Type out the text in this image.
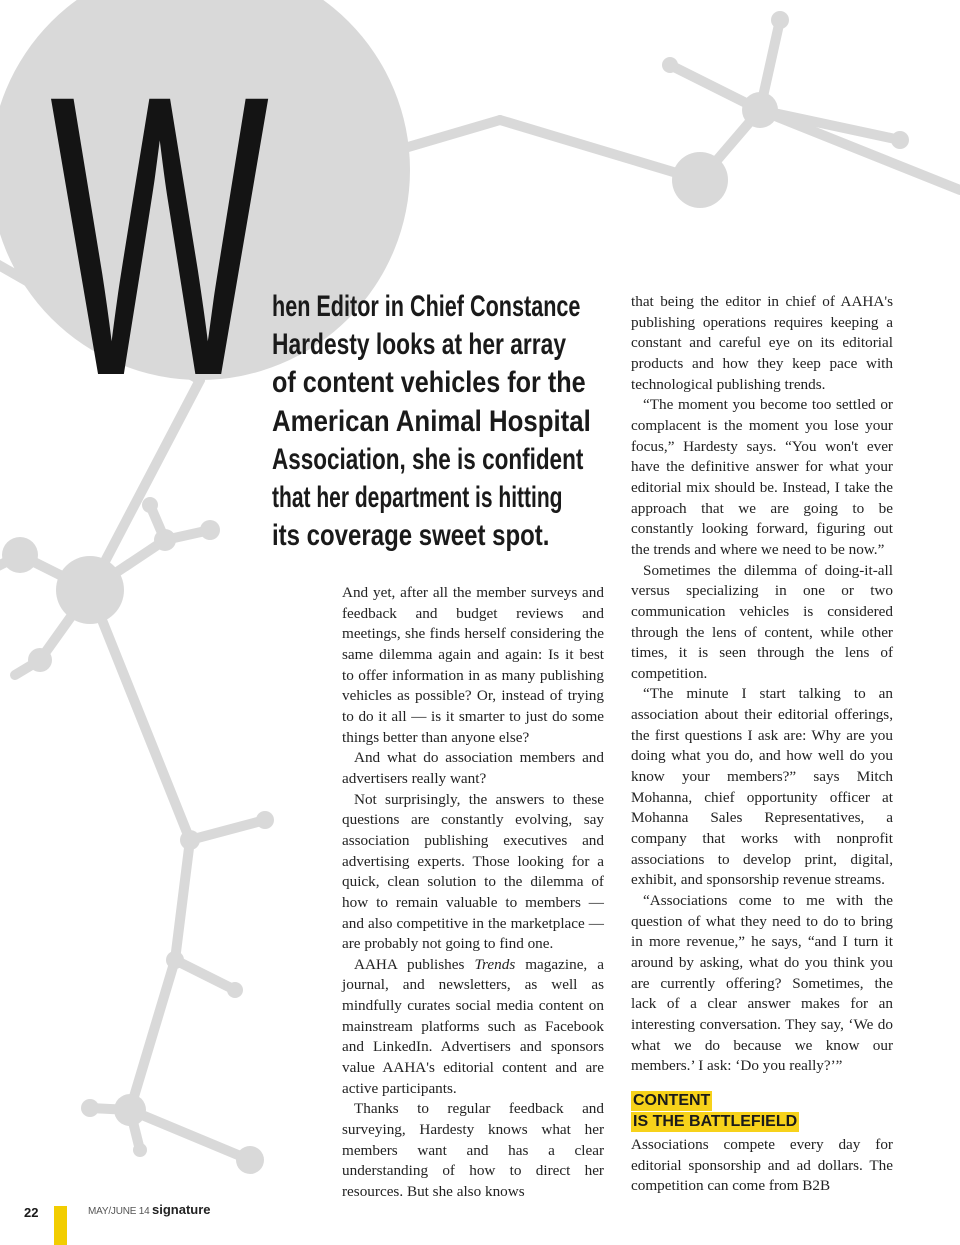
W hen Editor in Chief Constance
Hardesty looks at her array
of content vehicles for the
American Animal Hospital
Association, she is confident
that her department is hitting
its coverage sweet spot.

And yet, after all the member surveys and feedback and budget reviews and meetings, she finds herself considering the same dilemma again and again: Is it best to offer information in as many publishing vehicles as possible? Or, instead of trying to do it all — is it smarter to just do some things better than anyone else?

And what do association members and advertisers really want?

Not surprisingly, the answers to these questions are constantly evolving, say association publishing executives and advertising experts. Those looking for a quick, clean solution to the dilemma of how to remain valuable to members — and also competitive in the marketplace — are probably not going to find one.

AAHA publishes Trends magazine, a journal, and newsletters, as well as mindfully curates social media content on mainstream platforms such as Facebook and LinkedIn. Advertisers and sponsors value AAHA's editorial content and are active participants.

Thanks to regular feedback and surveying, Hardesty knows what her members want and has a clear understanding of how to direct her resources. But she also knows

that being the editor in chief of AAHA's publishing operations requires keeping a constant and careful eye on its editorial products and how they keep pace with technological publishing trends.

“The moment you become too settled or complacent is the moment you lose your focus,” Hardesty says. “You won't ever have the definitive answer for what your editorial mix should be. Instead, I take the approach that we are going to be constantly looking forward, figuring out the trends and where we need to be now.”

Sometimes the dilemma of doing-it-all versus specializing in one or two communication vehicles is considered through the lens of content, while other times, it is seen through the lens of competition.

“The minute I start talking to an association about their editorial offerings, the first questions I ask are: Why are you doing what you do, and how well do you know your members?” says Mitch Mohanna, chief opportunity officer at Mohanna Sales Representatives, a company that works with nonprofit associations to develop print, digital, exhibit, and sponsorship revenue streams.

“Associations come to me with the question of what they need to do to bring in more revenue,” he says, “and I turn it around by asking, what do you think you are currently offering? Sometimes, the lack of a clear answer makes for an interesting conversation. They say, ‘We do what we do because we know our members.’ I ask: ‘Do you really?’”

CONTENT
IS THE BATTLEFIELD

Associations compete every day for editorial sponsorship and ad dollars. The competition can come from B2B

22	MAY/JUNE 14 signature
